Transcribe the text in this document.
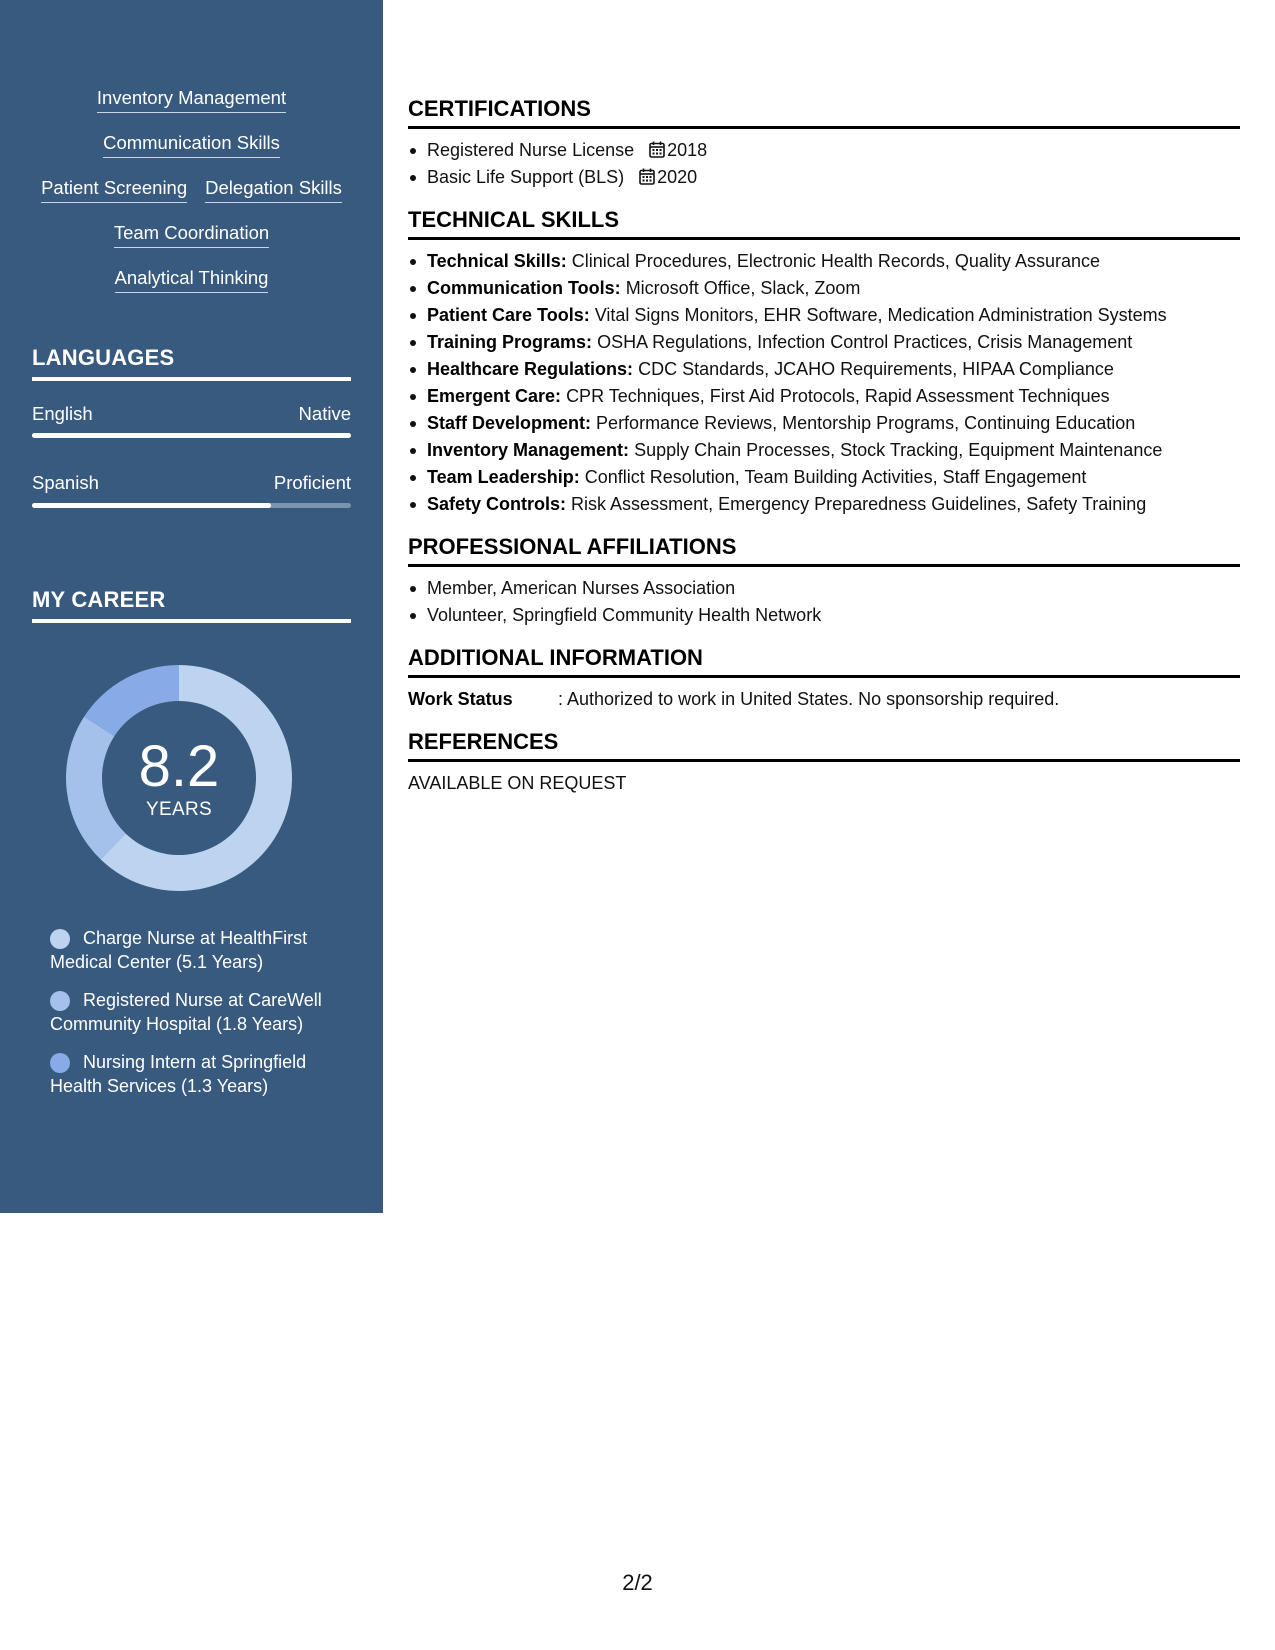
Inventory Management
Communication Skills
Patient Screening Delegation Skills
Team Coordination
Analytical Thinking
LANGUAGES
English	Native
Spanish	Proficient
MY CAREER
8.2
YEARS
Charge Nurse at HealthFirst Medical Center (5.1 Years)
Registered Nurse at CareWell Community Hospital (1.8 Years)
Nursing Intern at Springfield Health Services (1.3 Years)
CERTIFICATIONS
Registered Nurse License 2018
Basic Life Support (BLS) 2020
TECHNICAL SKILLS
Technical Skills: Clinical Procedures, Electronic Health Records, Quality Assurance
Communication Tools: Microsoft Office, Slack, Zoom
Patient Care Tools: Vital Signs Monitors, EHR Software, Medication Administration Systems
Training Programs: OSHA Regulations, Infection Control Practices, Crisis Management
Healthcare Regulations: CDC Standards, JCAHO Requirements, HIPAA Compliance
Emergent Care: CPR Techniques, First Aid Protocols, Rapid Assessment Techniques
Staff Development: Performance Reviews, Mentorship Programs, Continuing Education
Inventory Management: Supply Chain Processes, Stock Tracking, Equipment Maintenance
Team Leadership: Conflict Resolution, Team Building Activities, Staff Engagement
Safety Controls: Risk Assessment, Emergency Preparedness Guidelines, Safety Training
PROFESSIONAL AFFILIATIONS
Member, American Nurses Association
Volunteer, Springfield Community Health Network
ADDITIONAL INFORMATION
Work Status	: Authorized to work in United States. No sponsorship required.
REFERENCES
AVAILABLE ON REQUEST
2/2
